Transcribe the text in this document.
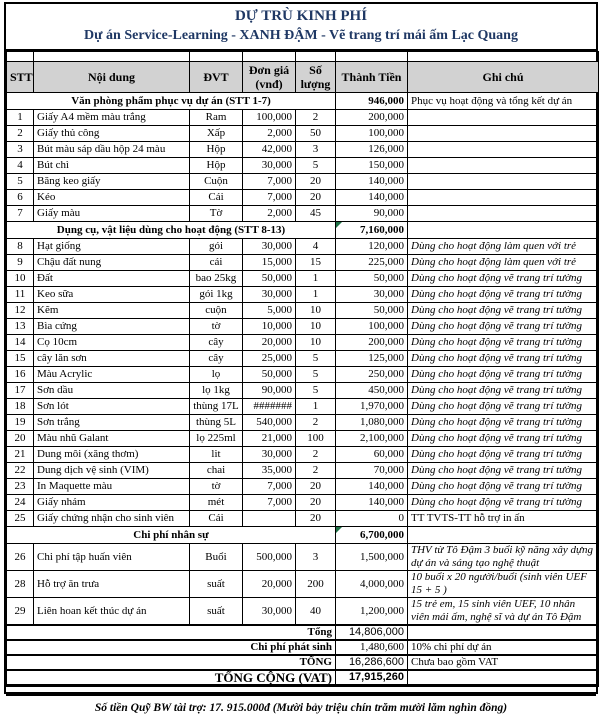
DỰ TRÙ KINH PHÍ
Dự án Service-Learning - XANH ĐẬM - Vẽ trang trí mái ấm Lạc Quang

STT	Nội dung	ĐVT	Đơn giá (vnđ)	Số lượng	Thành Tiền	Ghi chú
Văn phòng phẩm phục vụ dự án (STT 1-7)					946,000	Phục vụ hoạt động và tổng kết dự án
1	Giấy A4 mềm màu trắng	Ram	100,000	2	200,000	
2	Giấy thủ công	Xấp	2,000	50	100,000	
3	Bút màu sáp dầu hộp 24 màu	Hộp	42,000	3	126,000	
4	Bút chì	Hộp	30,000	5	150,000	
5	Băng keo giấy	Cuộn	7,000	20	140,000	
6	Kéo	Cái	7,000	20	140,000	
7	Giấy màu	Tờ	2,000	45	90,000	
Dụng cụ, vật liệu dùng cho hoạt động (STT 8-13)					7,160,000

8	Hạt giống	gói	30,000	4	120,000	Dùng cho hoạt động làm quen với trẻ
9	Chậu đất nung	cái	15,000	15	225,000	Dùng cho hoạt động làm quen với trẻ
10	Đất	bao 25kg	50,000	1	50,000	Dùng cho hoạt động vẽ trang trí tường
11	Keo sữa	gói 1kg	30,000	1	30,000	Dùng cho hoạt động vẽ trang trí tường
12	Kẽm	cuộn	5,000	10	50,000	Dùng cho hoạt động vẽ trang trí tường
13	Bìa cứng	tờ	10,000	10	100,000	Dùng cho hoạt động vẽ trang trí tường
14	Cọ 10cm	cây	20,000	10	200,000	Dùng cho hoạt động vẽ trang trí tường
15	cây lăn sơn	cây	25,000	5	125,000	Dùng cho hoạt động vẽ trang trí tường
16	Màu Acrylic	lọ	50,000	5	250,000	Dùng cho hoạt động vẽ trang trí tường
17	Sơn dầu	lọ 1kg	90,000	5	450,000	Dùng cho hoạt động vẽ trang trí tường
18	Sơn lót	thùng 17L	#######	1	1,970,000	Dùng cho hoạt động vẽ trang trí tường
19	Sơn trắng	thùng 5L	540,000	2	1,080,000	Dùng cho hoạt động vẽ trang trí tường
20	Màu nhũ Galant	lọ 225ml	21,000	100	2,100,000	Dùng cho hoạt động vẽ trang trí tường
21	Dung môi (xăng thơm)	lit	30,000	2	60,000	Dùng cho hoạt động vẽ trang trí tường
22	Dung dịch vệ sinh (VIM)	chai	35,000	2	70,000	Dùng cho hoạt động vẽ trang trí tường
23	In Maquette màu	tờ	7,000	20	140,000	Dùng cho hoạt động vẽ trang trí tường
24	Giấy nhám	mét	7,000	20	140,000	Dùng cho hoạt động vẽ trang trí tường
25	Giấy chứng nhận cho sinh viên	Cái		20	0	TT TVTS-TT hỗ trợ in ấn
Chi phí nhân sự					6,700,000

26	Chi phí tập huấn viên	Buổi	500,000	3	1,500,000	THV từ Tô Đậm 3 buổi kỹ năng xây dựng dự án và sáng tạo nghệ thuật
28	Hỗ trợ ăn trưa	suất	20,000	200	4,000,000	10 buổi x 20 người/buổi (sinh viên UEF 15 + 5 )
29	Liên hoan kết thúc dự án	suất	30,000	40	1,200,000	15 trẻ em, 15 sinh viên UEF, 10 nhân viên mái ấm, nghệ sĩ và dự án Tô Đậm
Tổng					14,806,000	
Chi phí phát sinh					1,480,600	10% chi phí dự án
TỔNG					16,286,600	Chưa bao gồm VAT
TỔNG CỘNG (VAT)					17,915,260	
Số tiền Quỹ BW tài trợ: 17. 915.000đ (Mười bảy triệu chín trăm mười lăm nghìn đồng)
